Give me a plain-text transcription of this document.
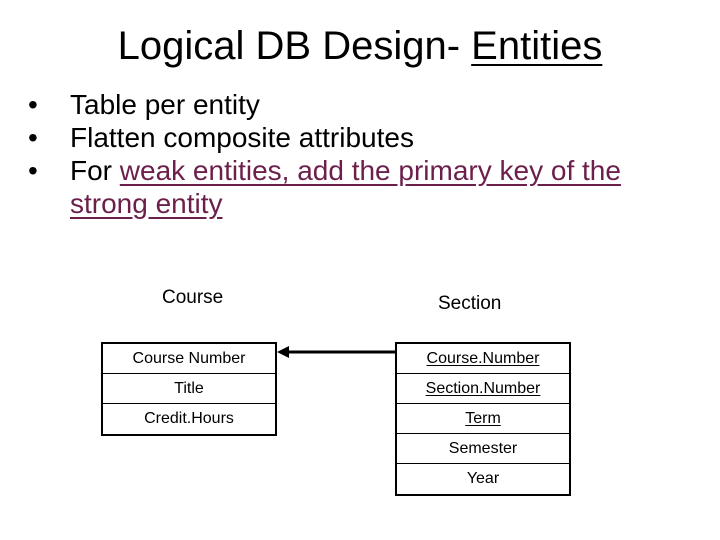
Logical DB Design- Entities
• Table per entity
• Flatten composite attributes
• For weak entities, add the primary key of the strong entity
Course
Course Number
Title
Credit.Hours
Section
Course.Number
Section.Number
Term
Semester
Year
